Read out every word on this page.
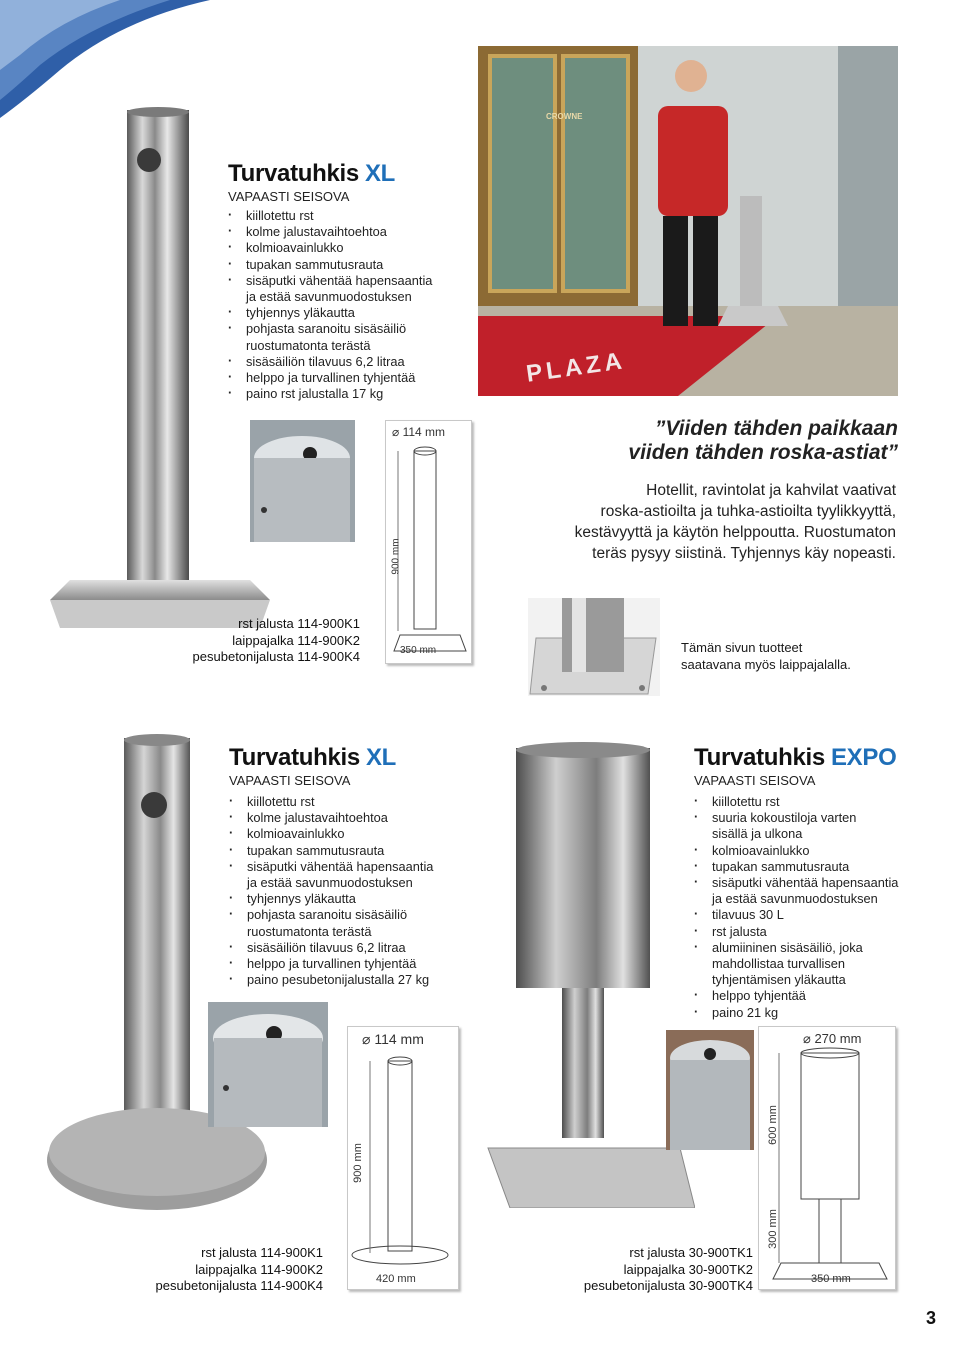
Turvatuhkis XL
VAPAASTI SEISOVA
· kiillotettu rst
· kolme jalustavaihtoehtoa
· kolmioavainlukko
· tupakan sammutusrauta
· sisäputki vähentää hapensaantia
ja estää savunmuodostuksen
· tyhjennys yläkautta
· pohjasta saranoitu sisäsäiliö
ruostumatonta terästä
· sisäsäiliön tilavuus 6,2 litraa
· helppo ja turvallinen tyhjentää
· paino rst jalustalla 17 kg
⌀ 114 mm
900 mm
350 mm
rst jalusta 114-900K1
laippajalka 114-900K2
pesubetonijalusta 114-900K4
CROWNE
PLAZA
”Viiden tähden paikkaan
viiden tähden roska-astiat”
Hotellit, ravintolat ja kahvilat vaativat
roska-astioilta ja tuhka-astioilta tyylikkyyttä,
kestävyyttä ja käytön helppoutta. Ruostumaton
teräs pysyy siistinä. Tyhjennys käy nopeasti.
Tämän sivun tuotteet
saatavana myös laippajalalla.
Turvatuhkis XL
VAPAASTI SEISOVA
· kiillotettu rst
· kolme jalustavaihtoehtoa
· kolmioavainlukko
· tupakan sammutusrauta
· sisäputki vähentää hapensaantia
ja estää savunmuodostuksen
· tyhjennys yläkautta
· pohjasta saranoitu sisäsäiliö
ruostumatonta terästä
· sisäsäiliön tilavuus 6,2 litraa
· helppo ja turvallinen tyhjentää
· paino pesubetonijalustalla 27 kg
⌀ 114 mm
900 mm
420 mm
rst jalusta 114-900K1
laippajalka 114-900K2
pesubetonijalusta 114-900K4
Turvatuhkis EXPO
VAPAASTI SEISOVA
· kiillotettu rst
· suuria kokoustiloja varten
sisällä ja ulkona
· kolmioavainlukko
· tupakan sammutusrauta
· sisäputki vähentää hapensaantia
ja estää savunmuodostuksen
· tilavuus 30 L
· rst jalusta
· alumiininen sisäsäiliö, joka
mahdollistaa turvallisen
tyhjentämisen yläkautta
· helppo tyhjentää
· paino 21 kg
⌀ 270 mm
600 mm
300 mm
350 mm
rst jalusta 30-900TK1
laippajalka 30-900TK2
pesubetonijalusta 30-900TK4
3
